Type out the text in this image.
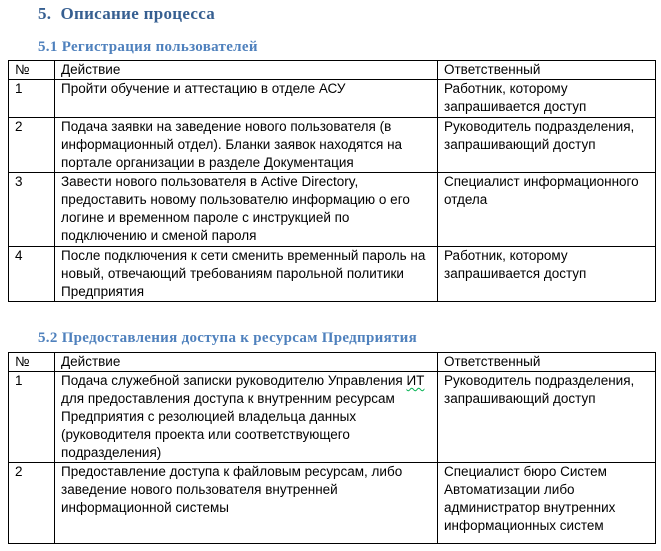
5.  Описание процесса
5.1 Регистрация пользователей
№	Действие	Ответственный
1	Пройти обучение и аттестацию в отделе АСУ	Работник, которому запрашивается доступ
2	Подача заявки на заведение нового пользователя (в информационный отдел). Бланки заявок находятся на портале организации в разделе Документация	Руководитель подразделения, запрашивающий доступ
3	Завести нового пользователя в Active Directory, предоставить новому пользователю информацию о его логине и временном пароле с инструкцией по подключению и сменой пароля	Специалист информационного отдела
4	После подключения к сети сменить временный пароль на новый, отвечающий требованиям парольной политики Предприятия	Работник, которому запрашивается доступ
5.2 Предоставления доступа к ресурсам Предприятия
№	Действие	Ответственный
1	Подача служебной записки руководителю Управления ИТ для предоставления доступа к внутренним ресурсам Предприятия с резолюцией владельца данных (руководителя проекта или соответствующего подразделения)	Руководитель подразделения, запрашивающий доступ
2	Предоставление доступа к файловым ресурсам, либо заведение нового пользователя внутренней информационной системы	Специалист бюро Систем Автоматизации либо администратор внутренних информационных систем
